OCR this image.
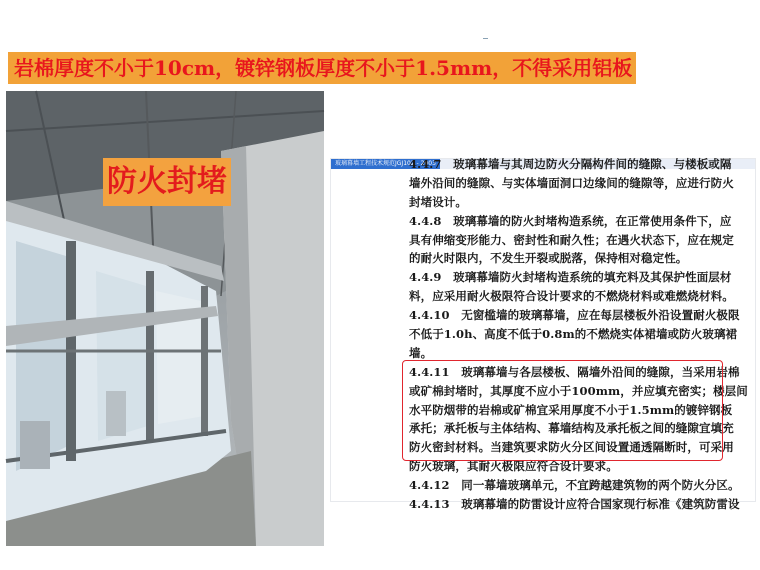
岩棉厚度不小于10cm，镀锌钢板厚度不小于1.5mm，不得采用铝板
防火封堵
玻璃幕墙工程技术规范JGJ102 - 2003
4.4.7　玻璃幕墙与其周边防火分隔构件间的缝隙、与楼板或隔
墙外沿间的缝隙、与实体墙面洞口边缘间的缝隙等，应进行防火
封堵设计。
4.4.8　玻璃幕墙的防火封堵构造系统，在正常使用条件下，应
具有伸缩变形能力、密封性和耐久性；在遇火状态下，应在规定
的耐火时限内，不发生开裂或脱落，保持相对稳定性。
4.4.9　玻璃幕墙防火封堵构造系统的填充料及其保护性面层材
料，应采用耐火极限符合设计要求的不燃烧材料或难燃烧材料。
4.4.10　无窗槛墙的玻璃幕墙，应在每层楼板外沿设置耐火极限
不低于1.0h、高度不低于0.8m的不燃烧实体裙墙或防火玻璃裙
墙。
4.4.11　玻璃幕墙与各层楼板、隔墙外沿间的缝隙，当采用岩棉
或矿棉封堵时，其厚度不应小于100mm，并应填充密实；楼层间
水平防烟带的岩棉或矿棉宜采用厚度不小于1.5mm的镀锌钢板
承托；承托板与主体结构、幕墙结构及承托板之间的缝隙宜填充
防火密封材料。当建筑要求防火分区间设置通透隔断时，可采用
防火玻璃，其耐火极限应符合设计要求。
4.4.12　同一幕墙玻璃单元，不宜跨越建筑物的两个防火分区。
4.4.13　玻璃幕墙的防雷设计应符合国家现行标准《建筑防雷设
